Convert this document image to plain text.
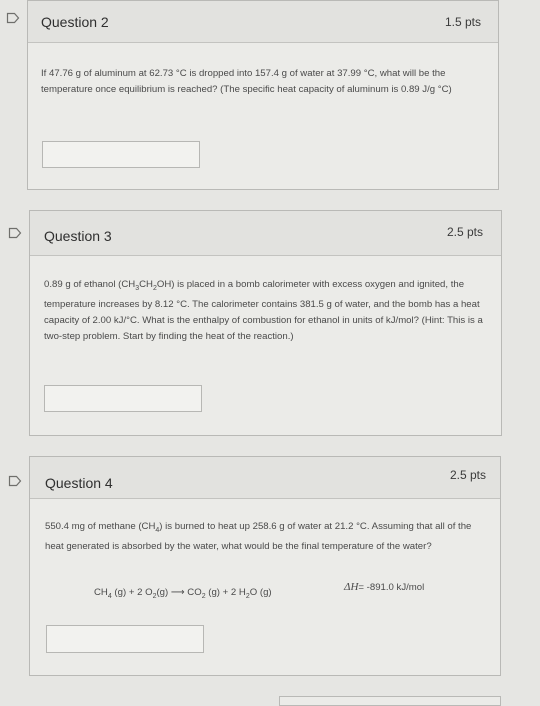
Question 2	1.5 pts
If 47.76 g of aluminum at 62.73 °C is dropped into 157.4 g of water at 37.99 °C, what will be the temperature once equilibrium is reached? (The specific heat capacity of aluminum is 0.89 J/g °C)
Question 3	2.5 pts
0.89 g of ethanol $(CH_3CH_2OH)$ is placed in a bomb calorimeter with excess oxygen and ignited, the temperature increases by 8.12 °C. The calorimeter contains 381.5 g of water, and the bomb has a heat capacity of 2.00 kJ/°C. What is the enthalpy of combustion for ethanol in units of kJ/mol? (Hint: This is a two-step problem. Start by finding the heat of the reaction.)
Question 4	2.5 pts
550.4 mg of methane $(CH_4)$ is burned to heat up 258.6 g of water at 21.2 °C. Assuming that all of the heat generated is absorbed by the water, what would be the final temperature of the water?
$CH_4$ (g) + 2 $O_2(g)$ ⟶ $CO_2$ (g) + 2 $H_2O$ (g)	ΔH= -891.0 kJ/mol
